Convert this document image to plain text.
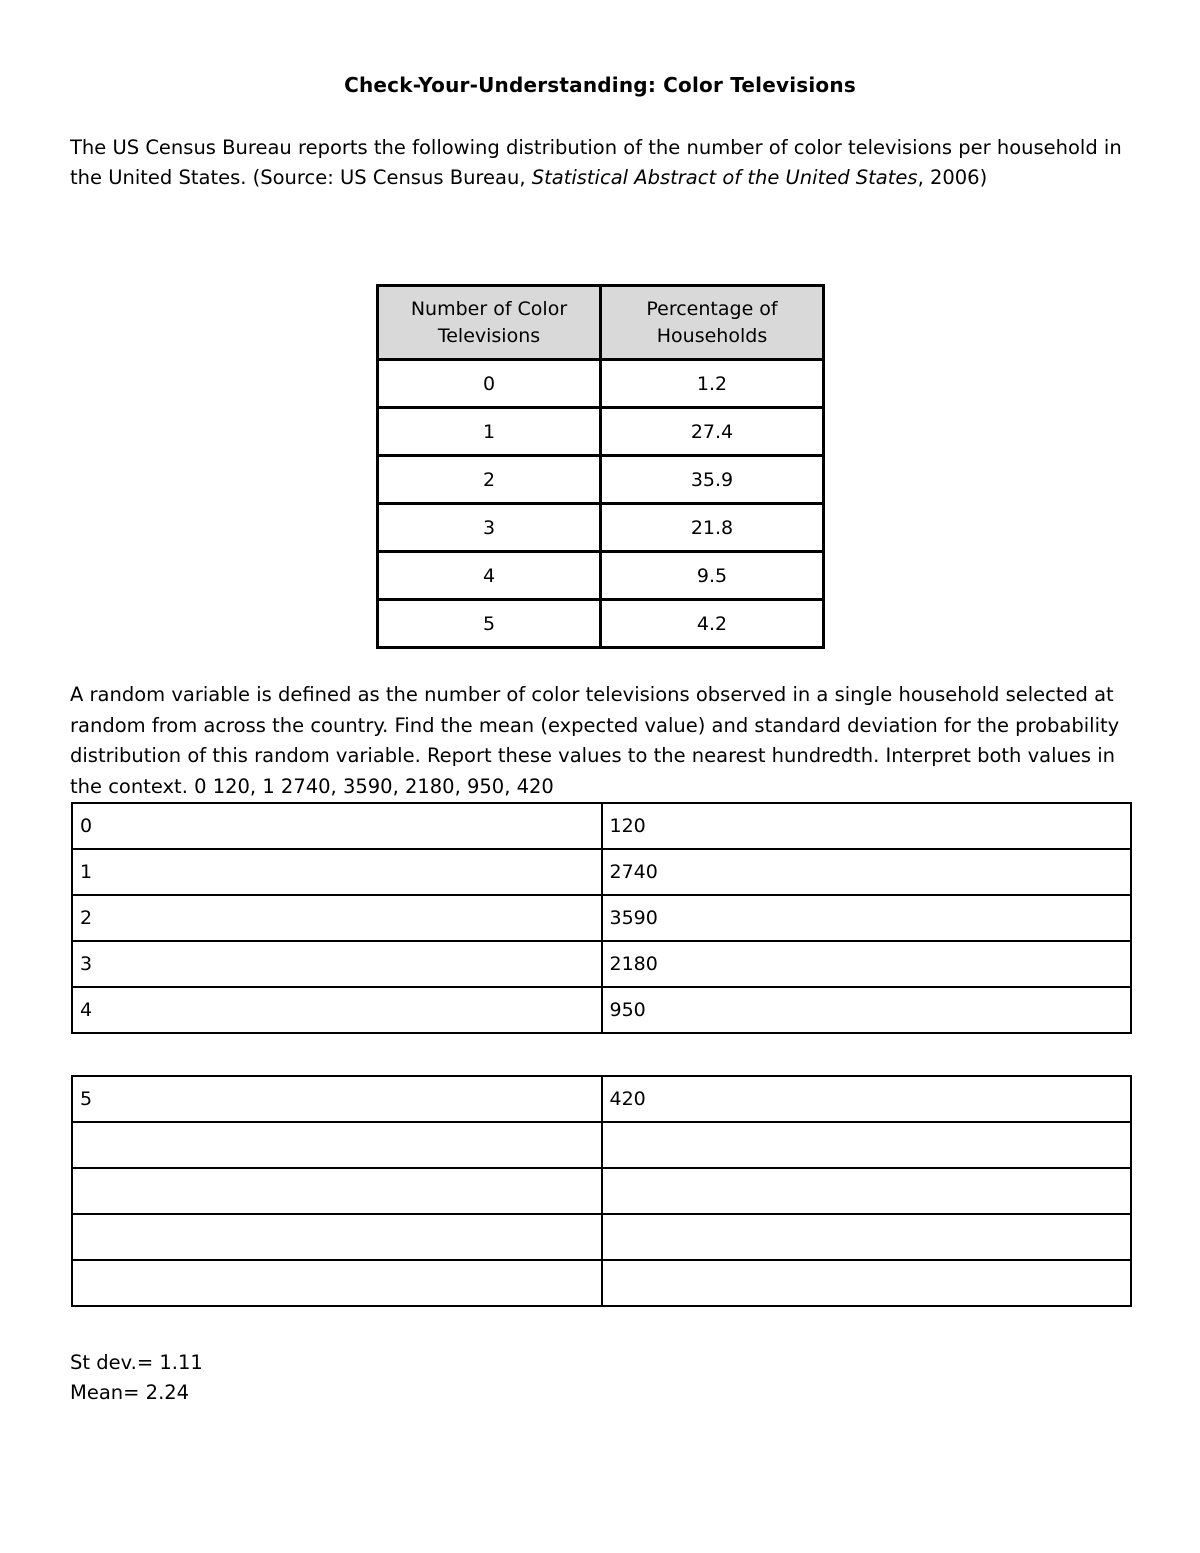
Check-Your-Understanding: Color Televisions
The US Census Bureau reports the following distribution of the number of color televisions per household in the United States. (Source: US Census Bureau, Statistical Abstract of the United States, 2006)
Number of Color Televisions	Percentage of Households
0	1.2
1	27.4
2	35.9
3	21.8
4	9.5
5	4.2
A random variable is defined as the number of color televisions observed in a single household selected at random from across the country. Find the mean (expected value) and standard deviation for the probability distribution of this random variable. Report these values to the nearest hundredth. Interpret both values in the context. 0 120, 1 2740, 3590, 2180, 950, 420
0	120
1	2740
2	3590
3	2180
4	950
5	420

St dev.= 1.11
Mean= 2.24
